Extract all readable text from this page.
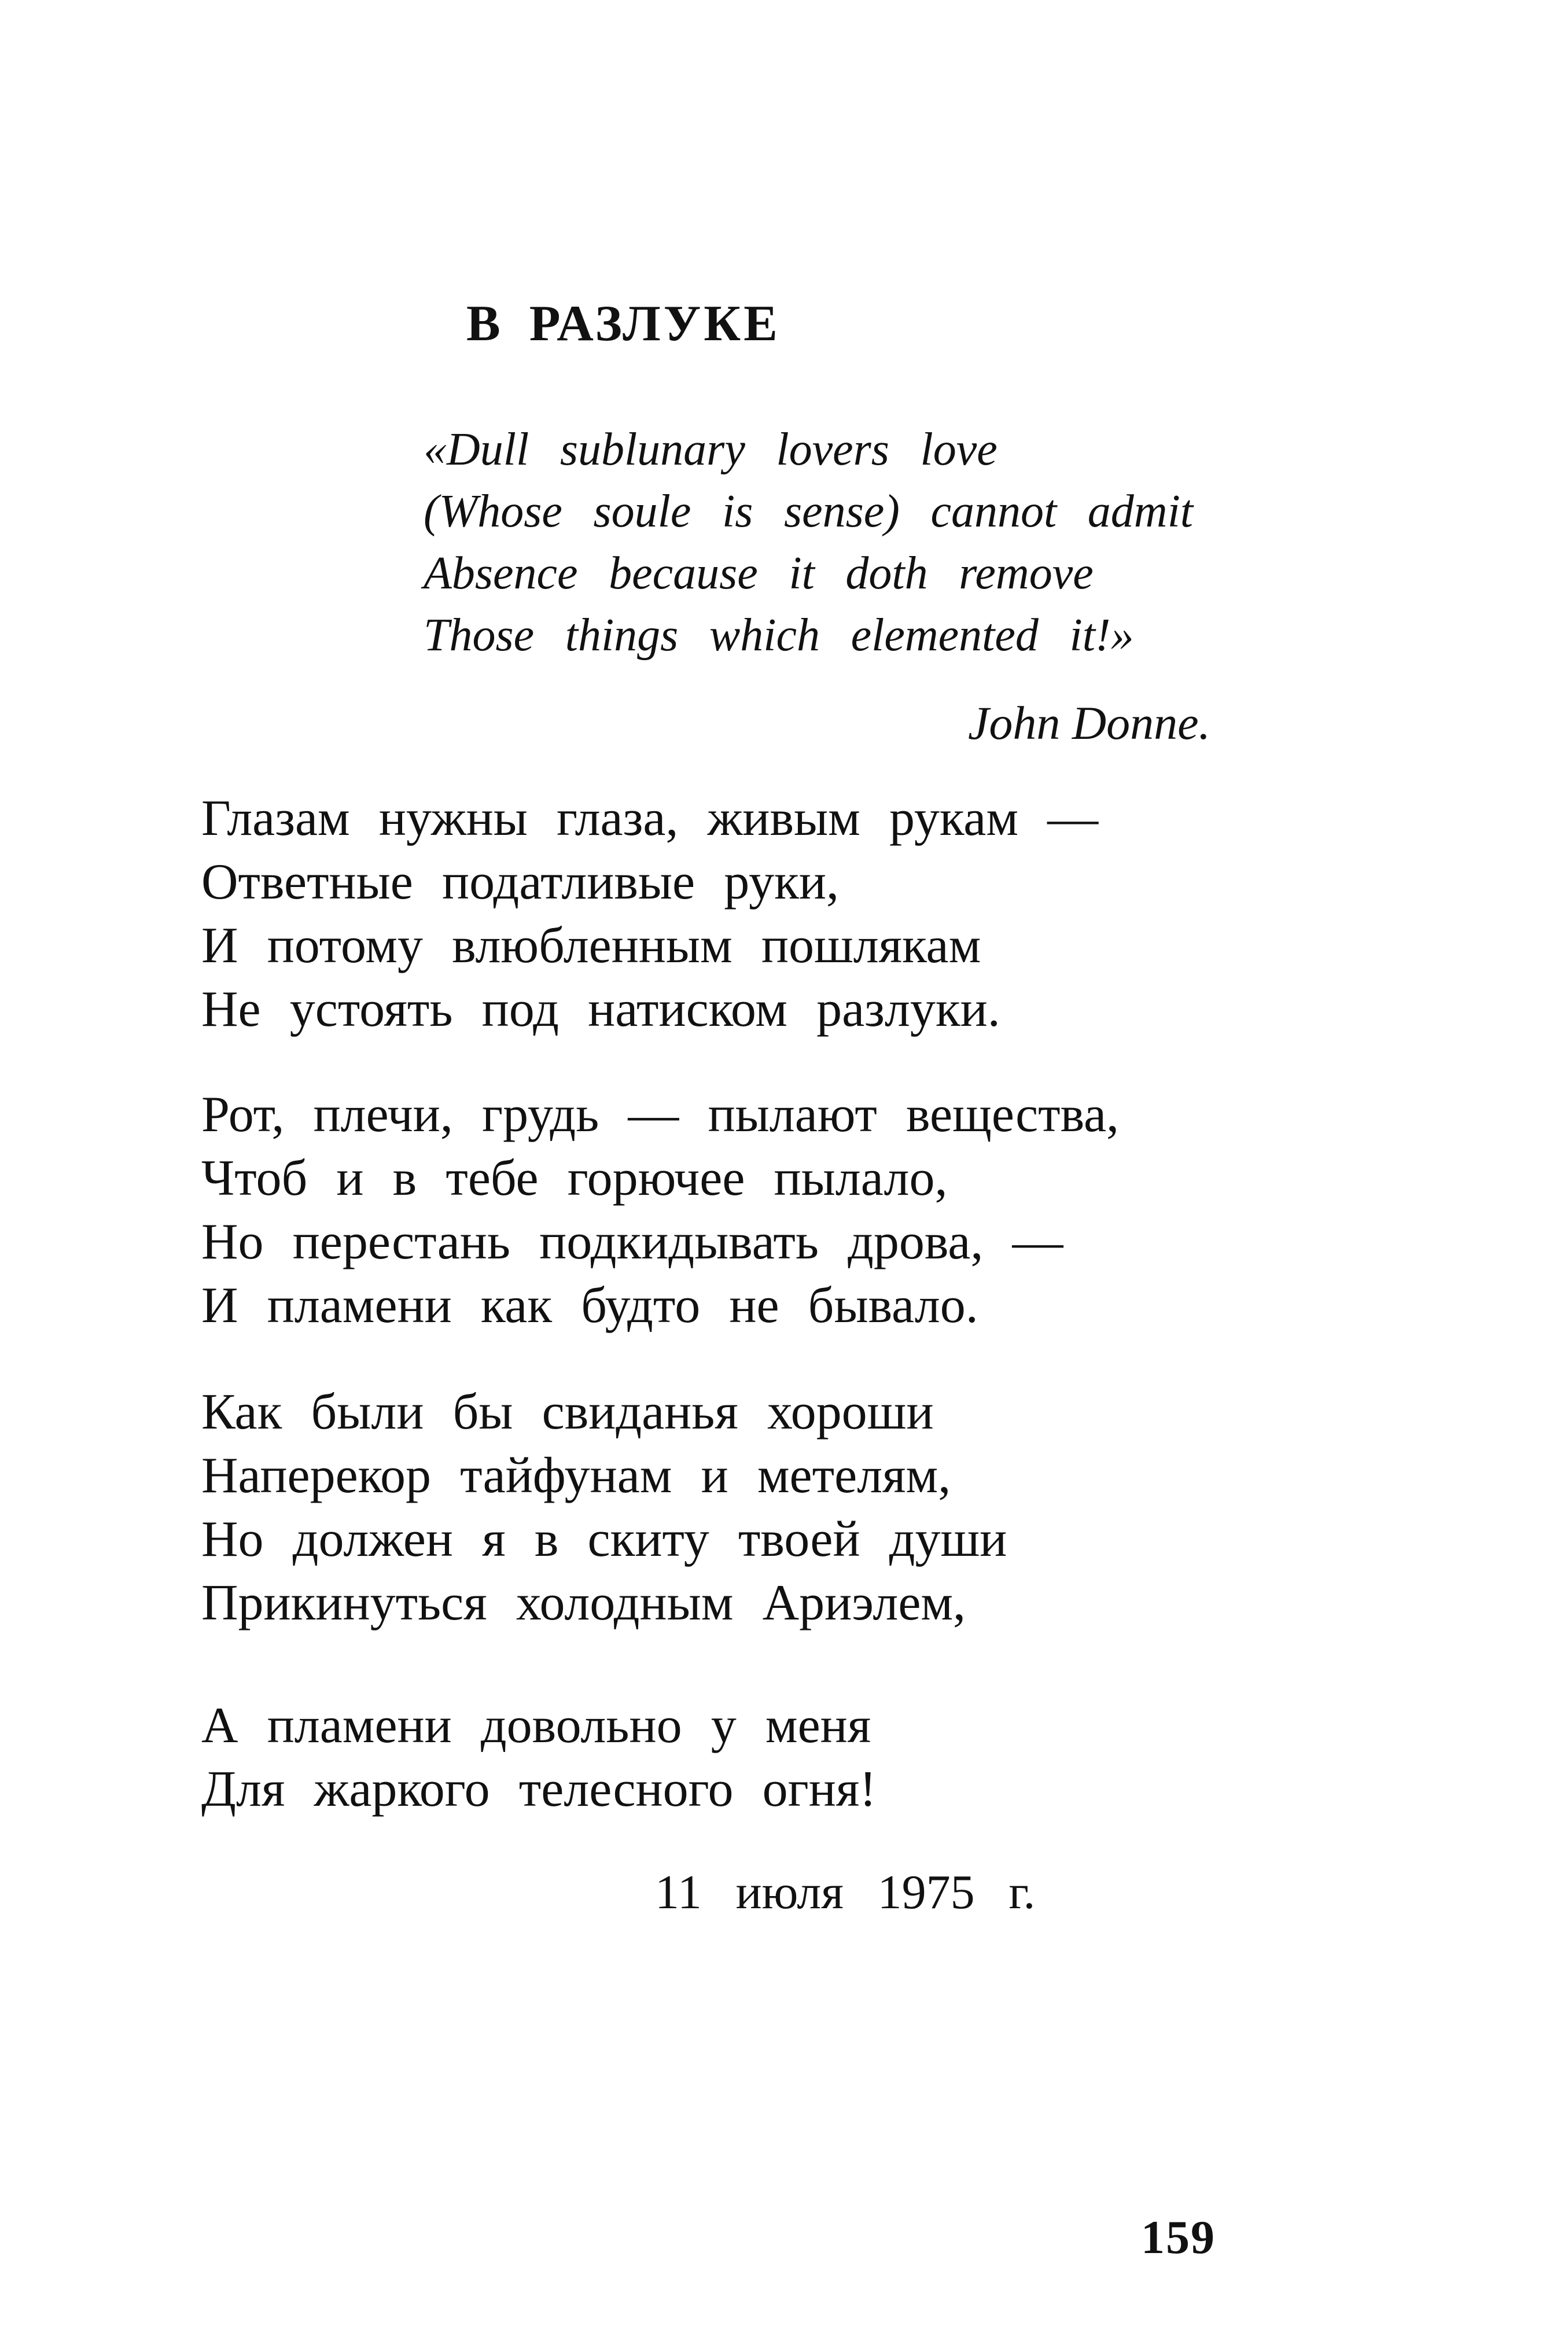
В РАЗЛУКЕ
«Dull sublunary lovers love
(Whose soule is sense) cannot admit
Absence because it doth remove
Those things which elemented it!»
John Donne.
Глазам нужны глаза, живым рукам —
Ответные податливые руки,
И потому влюбленным пошлякам
Не устоять под натиском разлуки.
Рот, плечи, грудь — пылают вещества,
Чтоб и в тебе горючее пылало,
Но перестань подкидывать дрова, —
И пламени как будто не бывало.
Как были бы свиданья хороши
Наперекор тайфунам и метелям,
Но должен я в скиту твоей души
Прикинуться холодным Ариэлем,
А пламени довольно у меня
Для жаркого телесного огня!
11 июля 1975 г.
159
